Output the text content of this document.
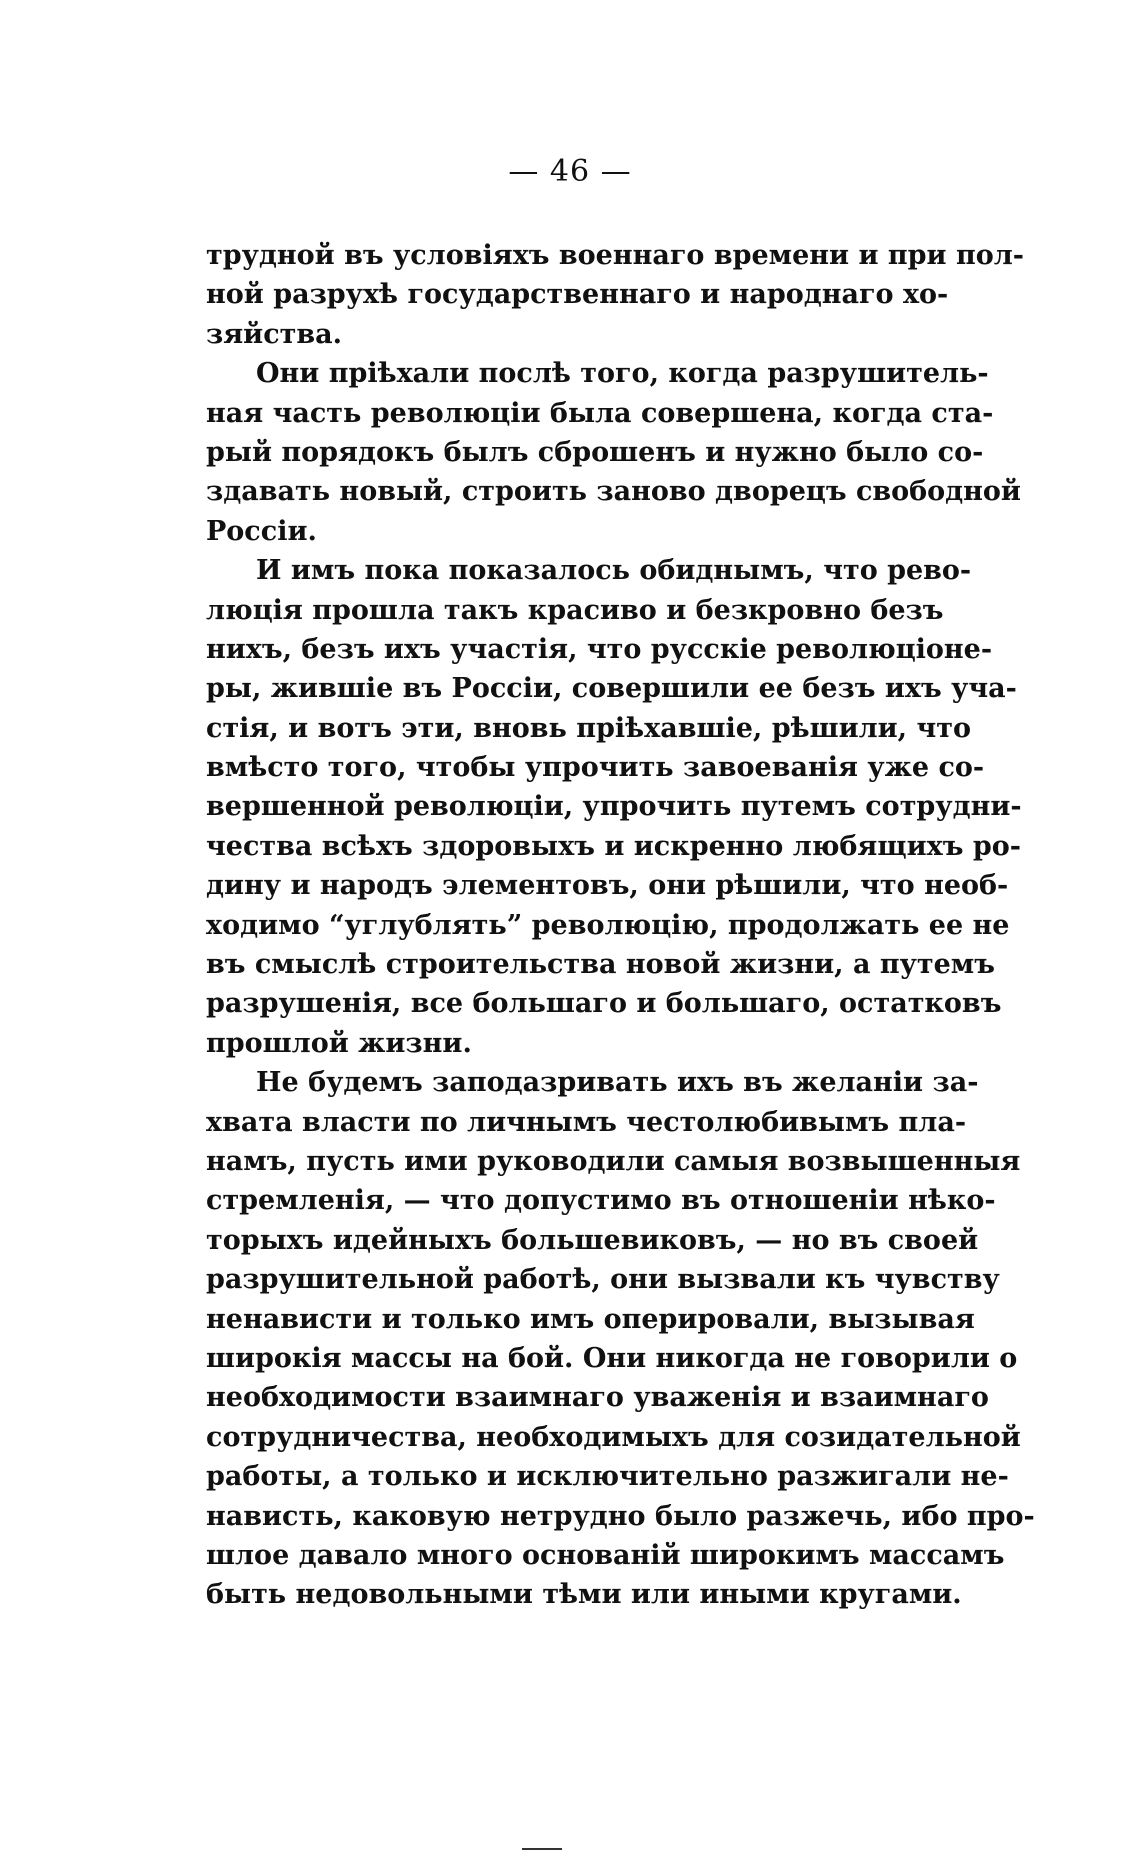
— 46 —
трудной въ условіяхъ военнаго времени и при пол-
ной разрухѣ государственнаго и народнаго хо-
зяйства.
Они пріѣхали послѣ того, когда разрушитель-
ная часть революціи была совершена, когда ста-
рый порядокъ былъ сброшенъ и нужно было со-
здавать новый, строить заново дворецъ свободной
Россіи.
И имъ пока показалось обиднымъ, что рево-
люція прошла такъ красиво и безкровно безъ
нихъ, безъ ихъ участія, что русскіе революціоне-
ры, жившіе въ Россіи, совершили ее безъ ихъ уча-
стія, и вотъ эти, вновь пріѣхавшіе, рѣшили, что
вмѣсто того, чтобы упрочить завоеванія уже со-
вершенной революціи, упрочить путемъ сотрудни-
чества всѣхъ здоровыхъ и искренно любящихъ ро-
дину и народъ элементовъ, они рѣшили, что необ-
ходимо “углублять” революцію, продолжать ее не
въ смыслѣ строительства новой жизни, а путемъ
разрушенія, все большаго и большаго, остатковъ
прошлой жизни.
Не будемъ заподазривать ихъ въ желаніи за-
хвата власти по личнымъ честолюбивымъ пла-
намъ, пусть ими руководили самыя возвышенныя
стремленія, — что допустимо въ отношеніи нѣко-
торыхъ идейныхъ большевиковъ, — но въ своей
разрушительной работѣ, они вызвали къ чувству
ненависти и только имъ оперировали, вызывая
широкія массы на бой. Они никогда не говорили о
необходимости взаимнаго уваженія и взаимнаго
сотрудничества, необходимыхъ для созидательной
работы, а только и исключительно разжигали не-
нависть, каковую нетрудно было разжечь, ибо про-
шлое давало много основаній широкимъ массамъ
быть недовольными тѣми или иными кругами.
